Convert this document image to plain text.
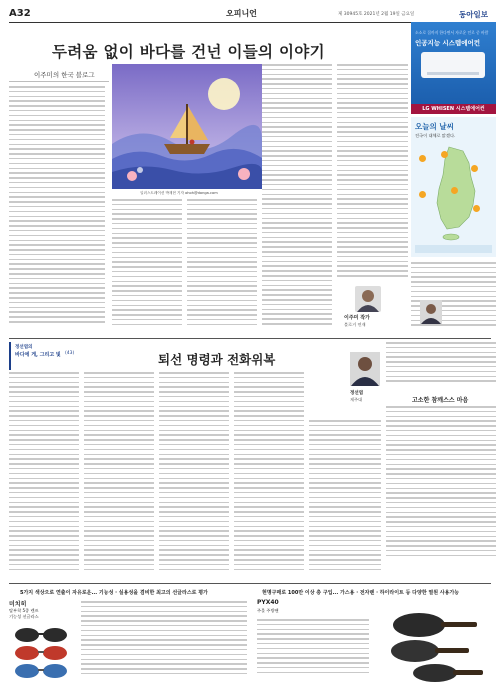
A32	오피니언	제 30945호 2021년 2월 19일 금요일	동아일보
두려움 없이 바다를 건넌 이들의 이야기
이주미의 한국 블로그
일러스트레이션 박재현 기자 ohoh@donga.com
이주미 작가
블로거 연재
소소로 집까지 한다면서 자로운 인로 중 바람
인공지능 시스템에어컨
LG WHISEN 시스템에어컨
오늘의 날씨
전국이 대체로 맑겠다.
정선엽의
바다에 게, 그리고 빛 (43)	퇴선 명령과 전화위복
정선엽
제주대	고소한 참깨스스 마음
5가지 색상으로 연출이 자유로운... 기능성 · 실용성을 겸비한 최고의 선글라스로 평가
미치히
탈부착 5종 렌즈
기능성 선글라스
현명구매로 100만 이상 층 구입... 가스용 · 전자렌 · 하이라이트 등 다양한 열원 사용가능
PYX40
주물 주방팬
